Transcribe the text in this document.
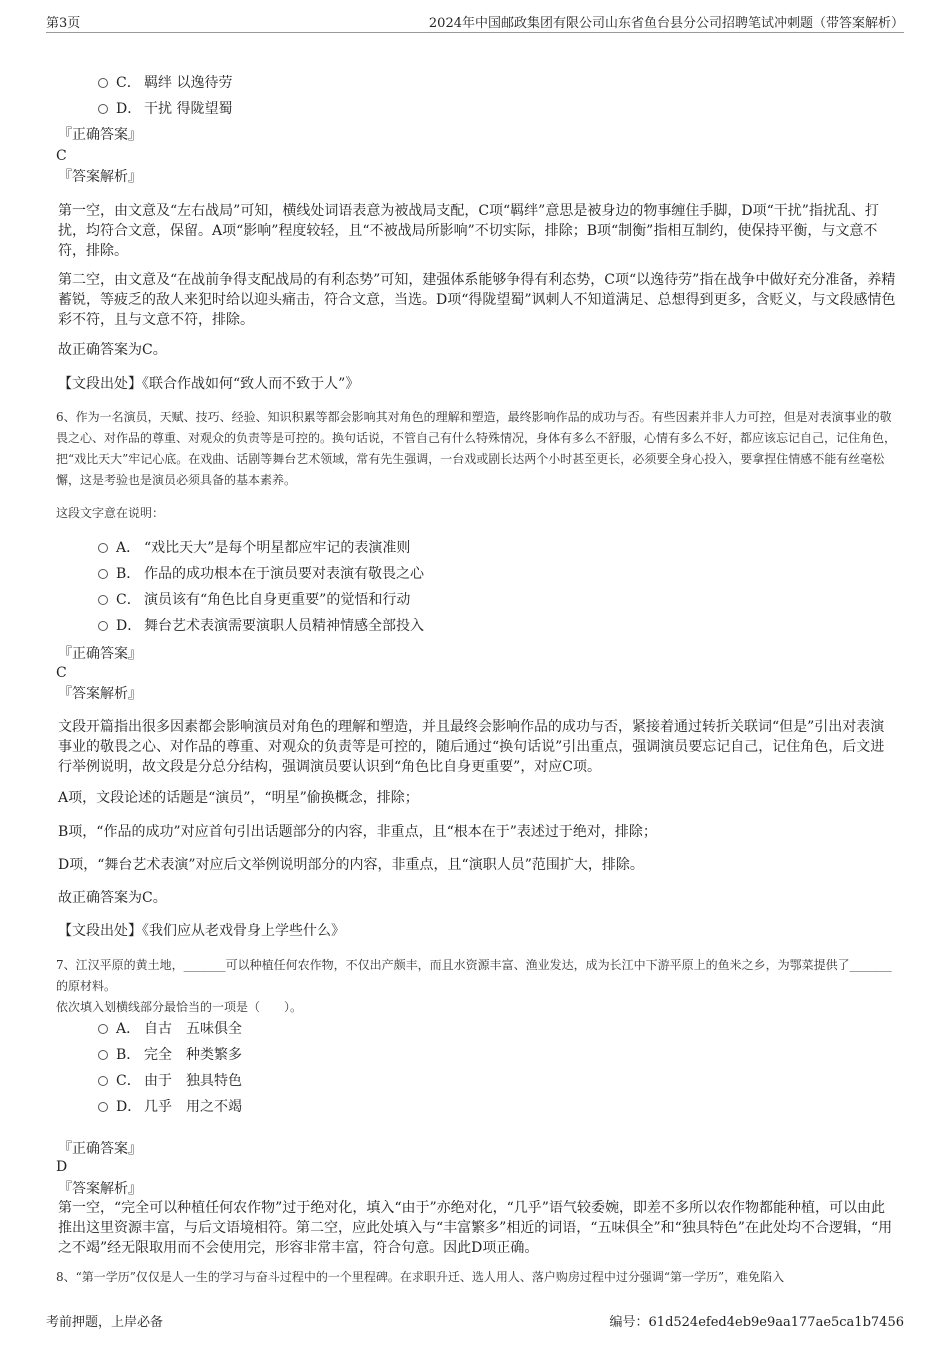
第3页	2024年中国邮政集团有限公司山东省鱼台县分公司招聘笔试冲刺题（带答案解析）
C． 羁绊 以逸待劳
D． 干扰 得陇望蜀
『正确答案』
C
『答案解析』
第一空，由文意及“左右战局”可知，横线处词语表意为被战局支配，C项“羁绊”意思是被身边的物事缠住手脚，D项“干扰”指扰乱、打扰，均符合文意，保留。A项“影响”程度较轻，且“不被战局所影响”不切实际，排除；B项“制衡”指相互制约，使保持平衡，与文意不符，排除。
第二空，由文意及“在战前争得支配战局的有利态势”可知，建强体系能够争得有利态势，C项“以逸待劳”指在战争中做好充分准备，养精蓄锐，等疲乏的敌人来犯时给以迎头痛击，符合文意，当选。D项“得陇望蜀”讽刺人不知道满足、总想得到更多，含贬义，与文段感情色彩不符，且与文意不符，排除。
故正确答案为C。
【文段出处】《联合作战如何“致人而不致于人”》
6、作为一名演员，天赋、技巧、经验、知识积累等都会影响其对角色的理解和塑造，最终影响作品的成功与否。有些因素并非人力可控，但是对表演事业的敬畏之心、对作品的尊重、对观众的负责等是可控的。换句话说，不管自己有什么特殊情况，身体有多么不舒服，心情有多么不好，都应该忘记自己，记住角色，把“戏比天大”牢记心底。在戏曲、话剧等舞台艺术领域，常有先生强调，一台戏或剧长达两个小时甚至更长，必须要全身心投入，要拿捏住情感不能有丝毫松懈，这是考验也是演员必须具备的基本素养。
这段文字意在说明：
A． “戏比天大”是每个明星都应牢记的表演准则
B． 作品的成功根本在于演员要对表演有敬畏之心
C． 演员该有“角色比自身更重要”的觉悟和行动
D． 舞台艺术表演需要演职人员精神情感全部投入
『正确答案』
C
『答案解析』
文段开篇指出很多因素都会影响演员对角色的理解和塑造，并且最终会影响作品的成功与否，紧接着通过转折关联词“但是”引出对表演事业的敬畏之心、对作品的尊重、对观众的负责等是可控的，随后通过“换句话说”引出重点，强调演员要忘记自己，记住角色，后文进行举例说明，故文段是分总分结构，强调演员要认识到“角色比自身更重要”，对应C项。
A项，文段论述的话题是“演员”，“明星”偷换概念，排除；
B项，“作品的成功”对应首句引出话题部分的内容，非重点，且“根本在于”表述过于绝对，排除；
D项，“舞台艺术表演”对应后文举例说明部分的内容，非重点，且“演职人员”范围扩大，排除。
故正确答案为C。
【文段出处】《我们应从老戏骨身上学些什么》
7、江汉平原的黄土地，_______可以种植任何农作物，不仅出产颇丰，而且水资源丰富、渔业发达，成为长江中下游平原上的鱼米之乡，为鄂菜提供了_______的原材料。
依次填入划横线部分最恰当的一项是（　　）。
A． 自古　五味俱全
B． 完全　种类繁多
C． 由于　独具特色
D． 几乎　用之不竭
『正确答案』
D
『答案解析』
第一空，“完全可以种植任何农作物”过于绝对化，填入“由于”亦绝对化，“几乎”语气较委婉，即差不多所以农作物都能种植，可以由此推出这里资源丰富，与后文语境相符。第二空，应此处填入与“丰富繁多”相近的词语，“五味俱全”和“独具特色”在此处均不合逻辑，“用之不竭”经无限取用而不会使用完，形容非常丰富，符合句意。因此D项正确。
8、“第一学历”仅仅是人一生的学习与奋斗过程中的一个里程碑。在求职升迁、选人用人、落户购房过程中过分强调“第一学历”，难免陷入
考前押题，上岸必备	编号：61d524efed4eb9e9aa177ae5ca1b7456
